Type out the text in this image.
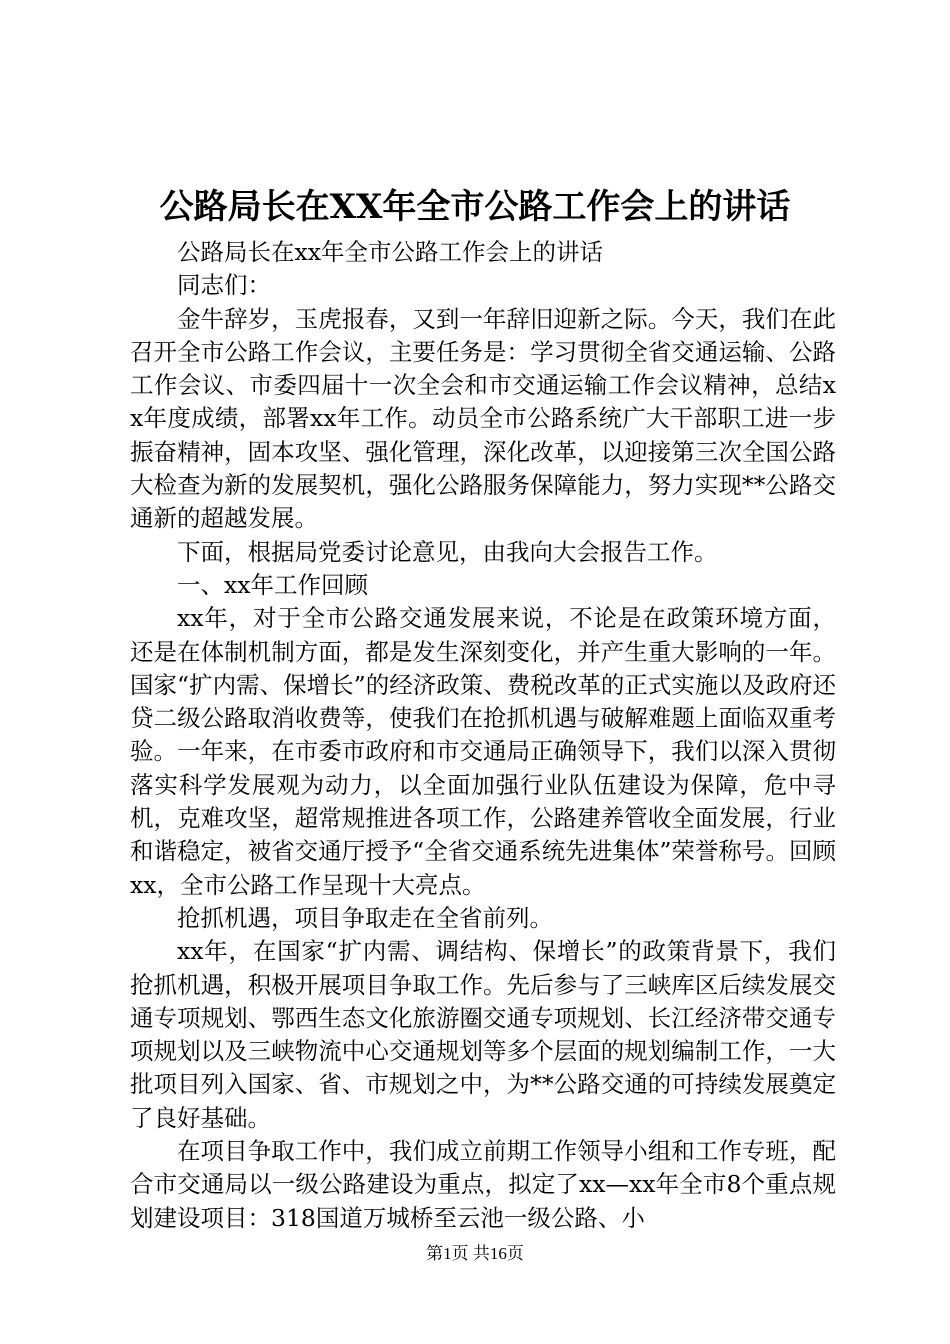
公路局长在XX年全市公路工作会上的讲话

公路局长在xx年全市公路工作会上的讲话

同志们：

金牛辞岁，玉虎报春，又到一年辞旧迎新之际。今天，我们在此召开全市公路工作会议，主要任务是：学习贯彻全省交通运输、公路工作会议、市委四届十一次全会和市交通运输工作会议精神，总结xx年度成绩，部署xx年工作。动员全市公路系统广大干部职工进一步振奋精神，固本攻坚、强化管理，深化改革，以迎接第三次全国公路大检查为新的发展契机，强化公路服务保障能力，努力实现**公路交通新的超越发展。

下面，根据局党委讨论意见，由我向大会报告工作。

一、xx年工作回顾

xx年，对于全市公路交通发展来说，不论是在政策环境方面，还是在体制机制方面，都是发生深刻变化，并产生重大影响的一年。国家“扩内需、保增长”的经济政策、费税改革的正式实施以及政府还贷二级公路取消收费等，使我们在抢抓机遇与破解难题上面临双重考验。一年来，在市委市政府和市交通局正确领导下，我们以深入贯彻落实科学发展观为动力，以全面加强行业队伍建设为保障，危中寻机，克难攻坚，超常规推进各项工作，公路建养管收全面发展，行业和谐稳定，被省交通厅授予“全省交通系统先进集体”荣誉称号。回顾xx，全市公路工作呈现十大亮点。

抢抓机遇，项目争取走在全省前列。

xx年，在国家“扩内需、调结构、保增长”的政策背景下，我们抢抓机遇，积极开展项目争取工作。先后参与了三峡库区后续发展交通专项规划、鄂西生态文化旅游圈交通专项规划、长江经济带交通专项规划以及三峡物流中心交通规划等多个层面的规划编制工作，一大批项目列入国家、省、市规划之中，为**公路交通的可持续发展奠定了良好基础。

在项目争取工作中，我们成立前期工作领导小组和工作专班，配合市交通局以一级公路建设为重点，拟定了xx—xx年全市8个重点规划建设项目：318国道万城桥至云池一级公路、小

第1页 共16页
